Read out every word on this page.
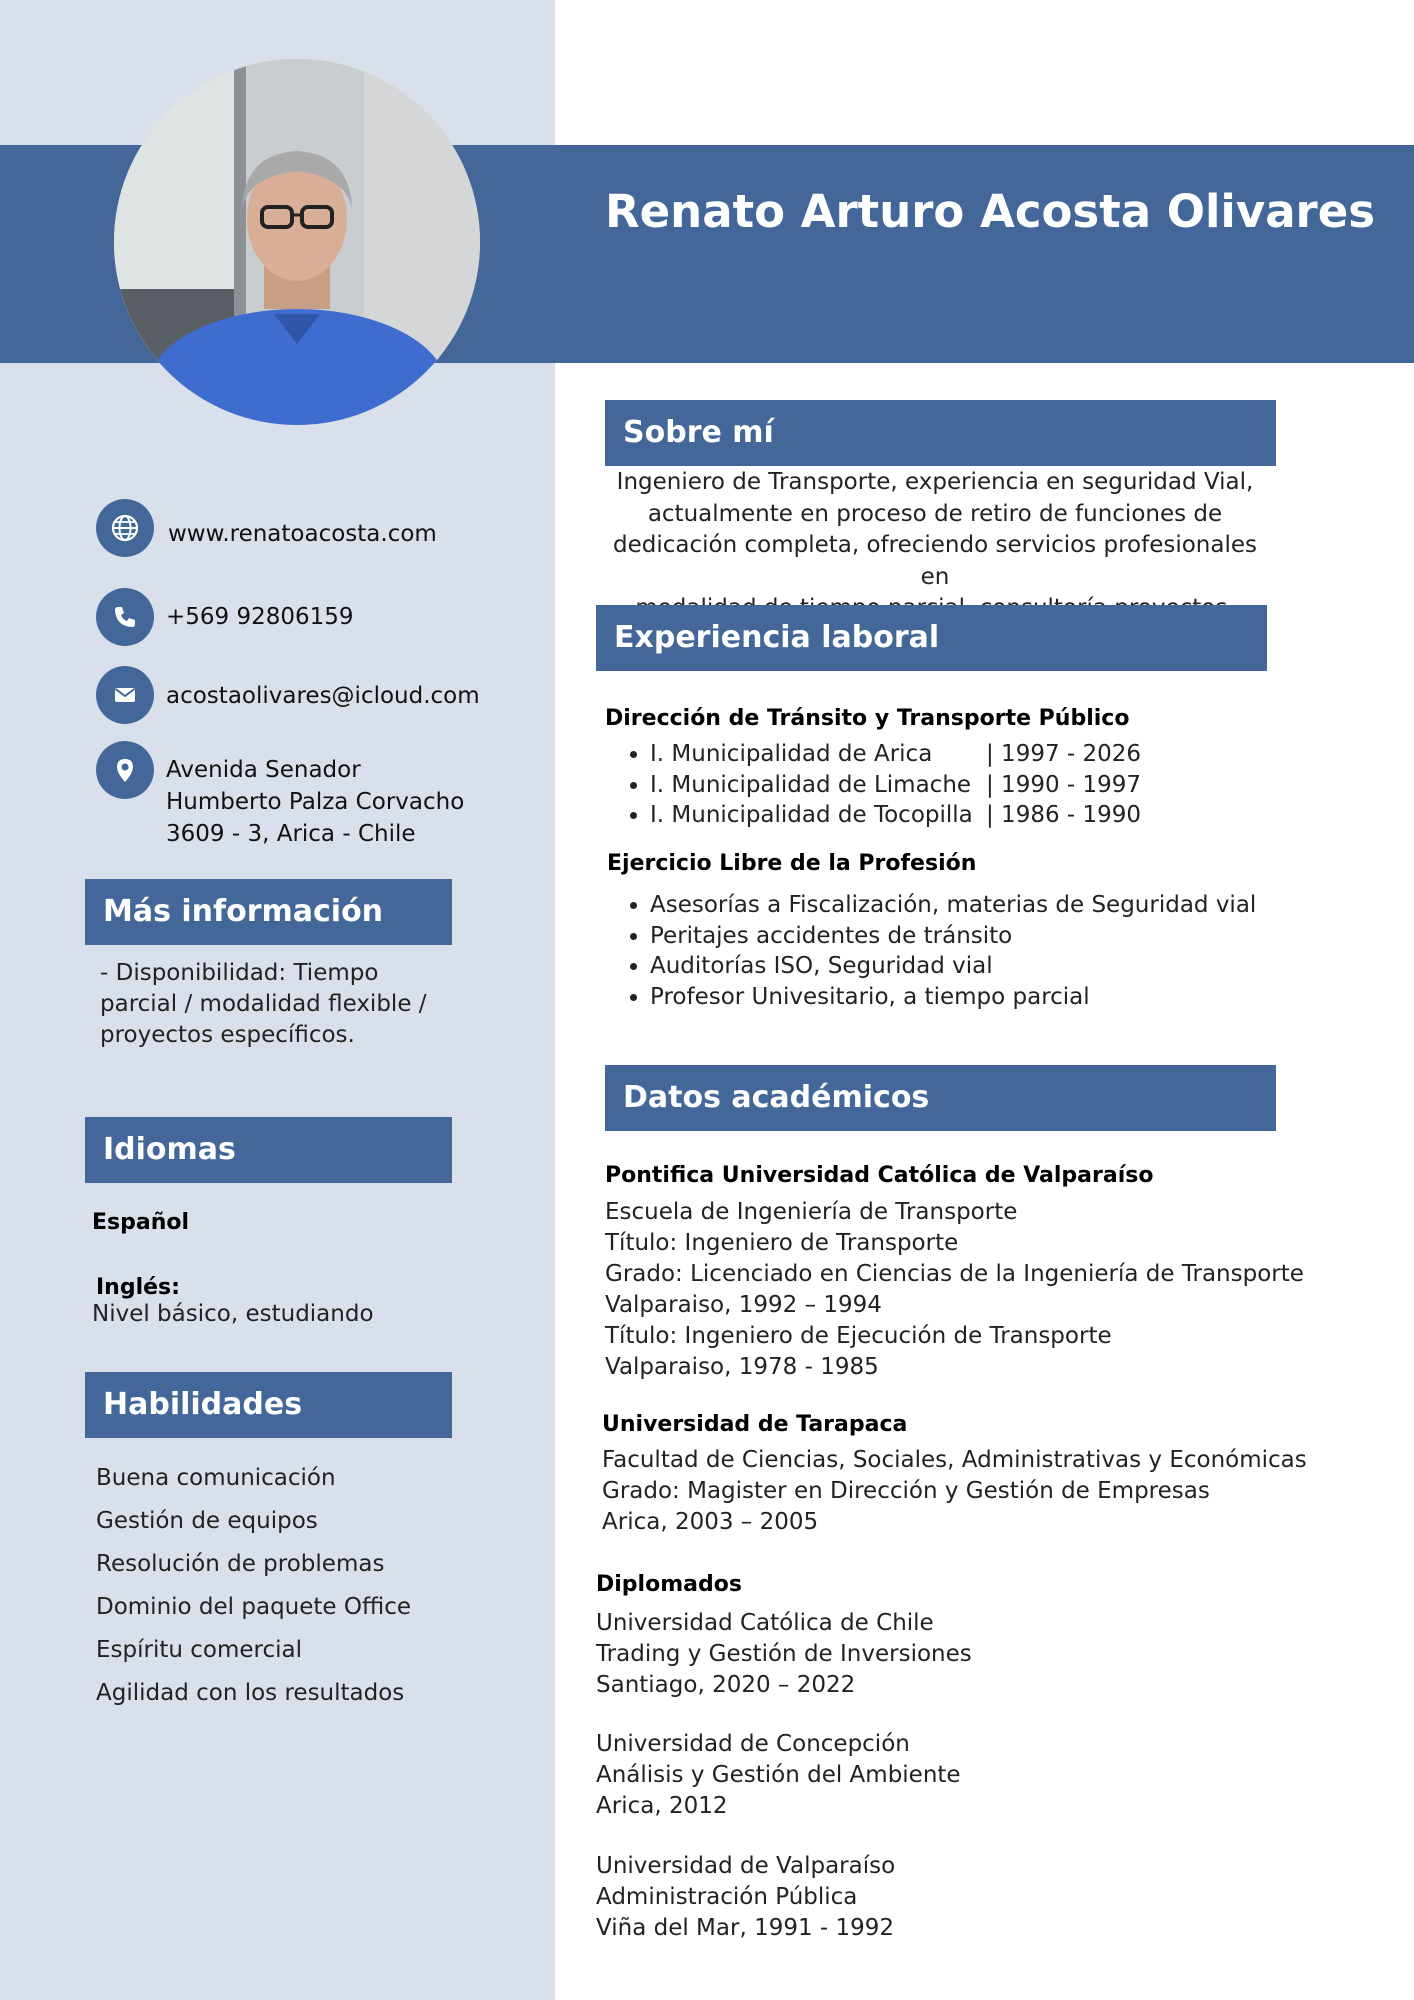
Renato Arturo Acosta Olivares
www.renatoacosta.com
+569 92806159
acostaolivares@icloud.com
Avenida Senador
Humberto Palza Corvacho
3609 - 3, Arica - Chile
Más información
- Disponibilidad: Tiempo
parcial / modalidad flexible /
proyectos específicos.
Idiomas
Español
Inglés:
Nivel básico, estudiando
Habilidades
Buena comunicación
Gestión de equipos
Resolución de problemas
Dominio del paquete Office
Espíritu comercial
Agilidad con los resultados
Sobre mí
Ingeniero de Transporte, experiencia en seguridad Vial,
actualmente en proceso de retiro de funciones de
dedicación completa, ofreciendo servicios profesionales en
Experiencia laboral
Dirección de Tránsito y Transporte Público
• I. Municipalidad de Arica | 1997 - 2026
• I. Municipalidad de Limache | 1990 - 1997
• I. Municipalidad de Tocopilla | 1986 - 1990
Ejercicio Libre de la Profesión
• Asesorías a Fiscalización, materias de Seguridad vial
• Peritajes accidentes de tránsito
• Auditorías ISO, Seguridad vial
• Profesor Univesitario, a tiempo parcial
Datos académicos
Pontifica Universidad Católica de Valparaíso
Escuela de Ingeniería de Transporte
Título: Ingeniero de Transporte
Grado: Licenciado en Ciencias de la Ingeniería de Transporte
Valparaiso, 1992 – 1994
Título: Ingeniero de Ejecución de Transporte
Valparaiso, 1978 - 1985
Universidad de Tarapaca
Facultad de Ciencias, Sociales, Administrativas y Económicas
Grado: Magister en Dirección y Gestión de Empresas
Arica, 2003 – 2005
Diplomados
Universidad Católica de Chile
Trading y Gestión de Inversiones
Santiago, 2020 – 2022
Universidad de Concepción
Análisis y Gestión del Ambiente
Arica, 2012
Universidad de Valparaíso
Administración Pública
Viña del Mar, 1991 - 1992
